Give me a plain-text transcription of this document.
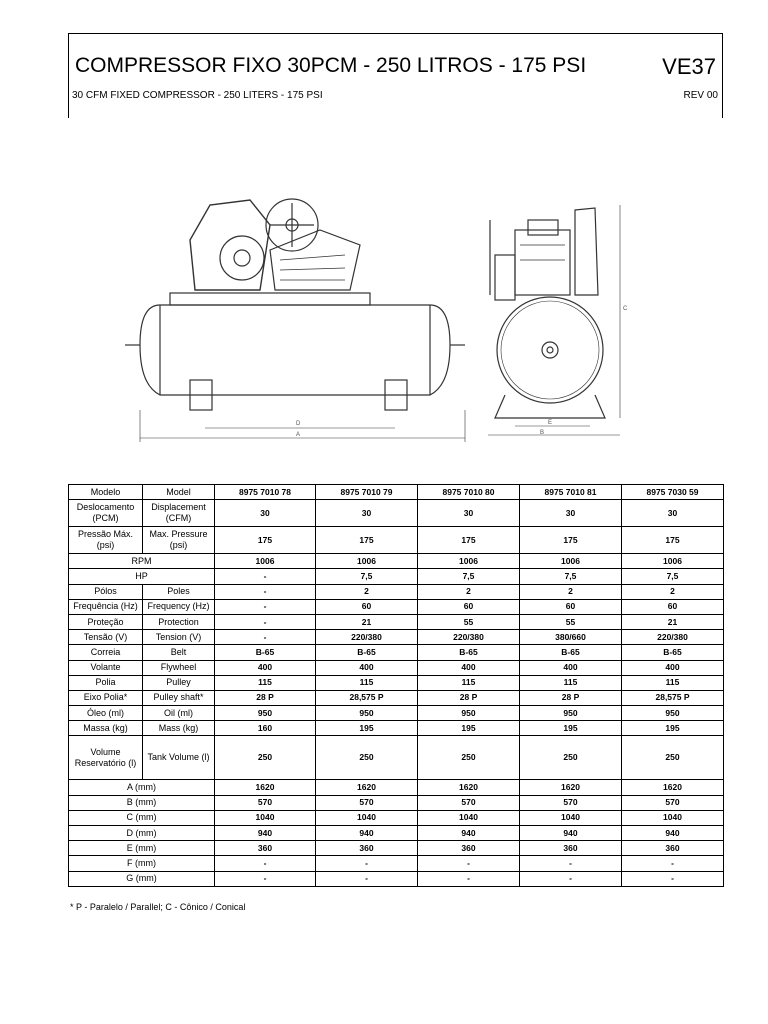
COMPRESSOR FIXO 30PCM - 250 LITROS - 175 PSI	VE37
30 CFM FIXED COMPRESSOR - 250 LITERS - 175 PSI	REV 00
D
A
E
B
C
Modelo	Model	8975 7010 78	8975 7010 79	8975 7010 80	8975 7010 81	8975 7030 59
Deslocamento (PCM)	Displacement (CFM)	30	30	30	30	30
Pressão Máx. (psi)	Max. Pressure (psi)	175	175	175	175	175
RPM		1006	1006	1006	1006	1006
HP		-	7,5	7,5	7,5	7,5
Pólos	Poles	-	2	2	2	2
Frequência (Hz)	Frequency (Hz)	-	60	60	60	60
Proteção	Protection	-	21	55	55	21
Tensão (V)	Tension (V)	-	220/380	220/380	380/660	220/380
Correia	Belt	B-65	B-65	B-65	B-65	B-65
Volante	Flywheel	400	400	400	400	400
Polia	Pulley	115	115	115	115	115
Eixo Polia*	Pulley shaft*	28 P	28,575 P	28 P	28 P	28,575 P
Óleo (ml)	Oil (ml)	950	950	950	950	950
Massa (kg)	Mass (kg)	160	195	195	195	195
Volume Reservatório (l)	Tank Volume (l)	250	250	250	250	250
A (mm)		1620	1620	1620	1620	1620
B (mm)		570	570	570	570	570
C (mm)		1040	1040	1040	1040	1040
D (mm)		940	940	940	940	940
E (mm)		360	360	360	360	360
F (mm)		-	-	-	-	-
G (mm)		-	-	-	-	-
* P - Paralelo / Parallel; C - Cônico / Conical
